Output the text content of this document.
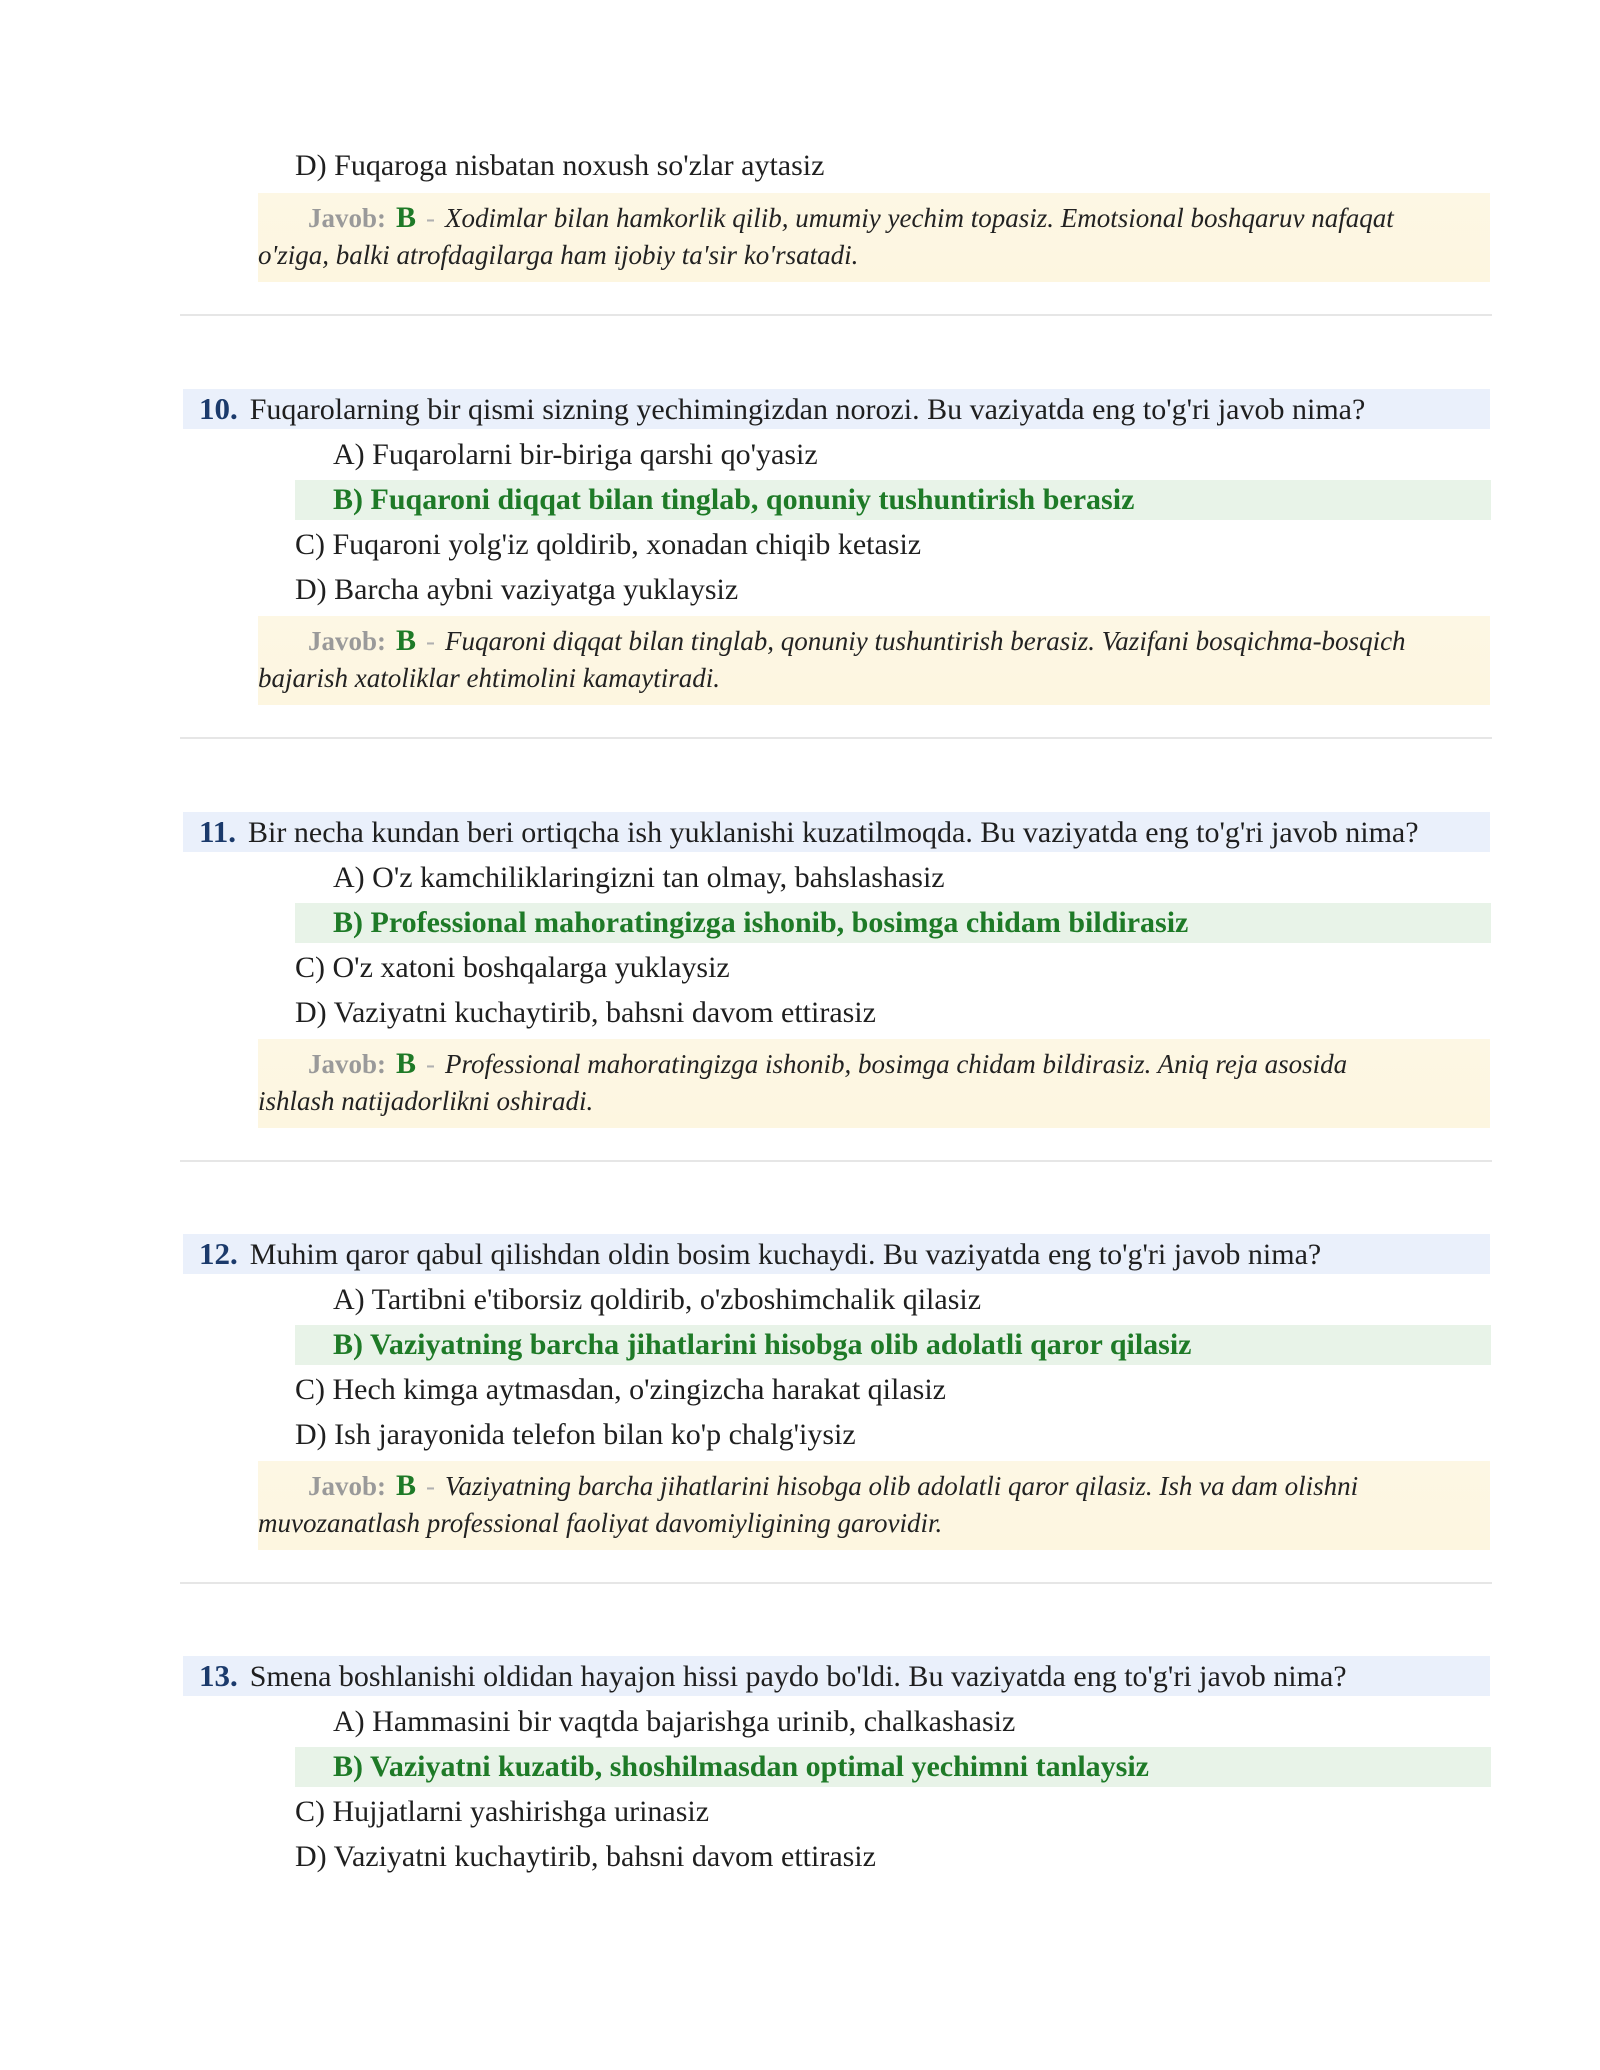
D) Fuqaroga nisbatan noxush so'zlar aytasiz
Javob: B - Xodimlar bilan hamkorlik qilib, umumiy yechim topasiz. Emotsional boshqaruv nafaqat
o'ziga, balki atrofdagilarga ham ijobiy ta'sir ko'rsatadi.
10. Fuqarolarning bir qismi sizning yechimingizdan norozi. Bu vaziyatda eng to'g'ri javob nima?
A) Fuqarolarni bir-biriga qarshi qo'yasiz
B) Fuqaroni diqqat bilan tinglab, qonuniy tushuntirish berasiz
C) Fuqaroni yolg'iz qoldirib, xonadan chiqib ketasiz
D) Barcha aybni vaziyatga yuklaysiz
Javob: B - Fuqaroni diqqat bilan tinglab, qonuniy tushuntirish berasiz. Vazifani bosqichma-bosqich
bajarish xatoliklar ehtimolini kamaytiradi.
11. Bir necha kundan beri ortiqcha ish yuklanishi kuzatilmoqda. Bu vaziyatda eng to'g'ri javob nima?
A) O'z kamchiliklaringizni tan olmay, bahslashasiz
B) Professional mahoratingizga ishonib, bosimga chidam bildirasiz
C) O'z xatoni boshqalarga yuklaysiz
D) Vaziyatni kuchaytirib, bahsni davom ettirasiz
Javob: B - Professional mahoratingizga ishonib, bosimga chidam bildirasiz. Aniq reja asosida
ishlash natijadorlikni oshiradi.
12. Muhim qaror qabul qilishdan oldin bosim kuchaydi. Bu vaziyatda eng to'g'ri javob nima?
A) Tartibni e'tiborsiz qoldirib, o'zboshimchalik qilasiz
B) Vaziyatning barcha jihatlarini hisobga olib adolatli qaror qilasiz
C) Hech kimga aytmasdan, o'zingizcha harakat qilasiz
D) Ish jarayonida telefon bilan ko'p chalg'iysiz
Javob: B - Vaziyatning barcha jihatlarini hisobga olib adolatli qaror qilasiz. Ish va dam olishni
muvozanatlash professional faoliyat davomiyligining garovidir.
13. Smena boshlanishi oldidan hayajon hissi paydo bo'ldi. Bu vaziyatda eng to'g'ri javob nima?
A) Hammasini bir vaqtda bajarishga urinib, chalkashasiz
B) Vaziyatni kuzatib, shoshilmasdan optimal yechimni tanlaysiz
C) Hujjatlarni yashirishga urinasiz
D) Vaziyatni kuchaytirib, bahsni davom ettirasiz
